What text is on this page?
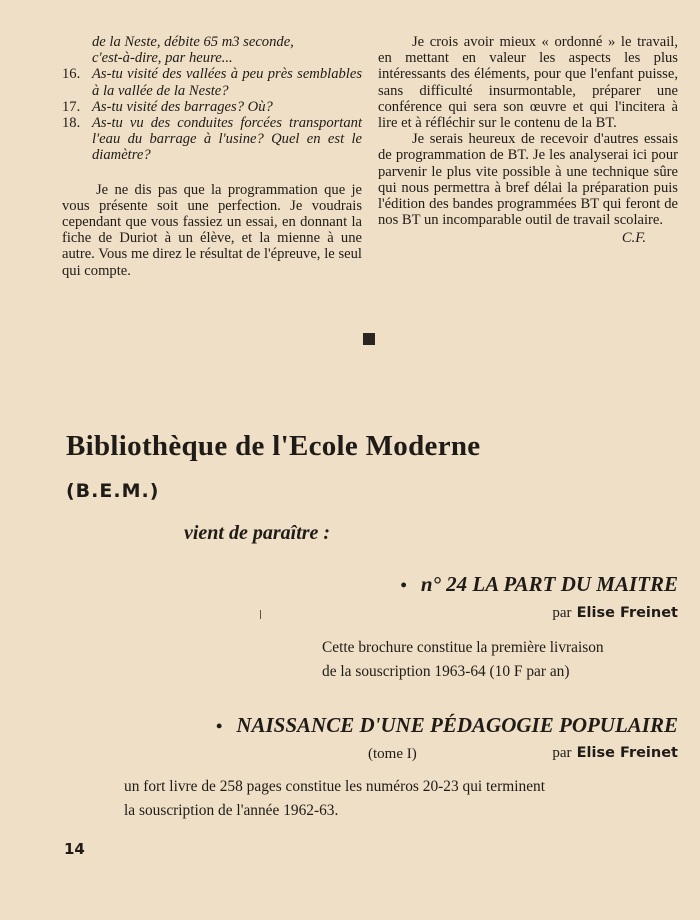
de la Neste, débite 65 m3 seconde,
c'est-à-dire, par heure...
16. As-tu visité des vallées à peu près semblables à la vallée de la Neste?
17. As-tu visité des barrages? Où?
18. As-tu vu des conduites forcées transportant l'eau du barrage à l'usine? Quel en est le diamètre?

Je ne dis pas que la programmation que je vous présente soit une perfection. Je voudrais cependant que vous fassiez un essai, en donnant la fiche de Duriot à un élève, et la mienne à une autre. Vous me direz le résultat de l'épreuve, le seul qui compte.

Je crois avoir mieux « ordonné » le travail, en mettant en valeur les aspects les plus intéressants des éléments, pour que l'enfant puisse, sans difficulté insurmontable, préparer une conférence qui sera son œuvre et qui l'incitera à lire et à réfléchir sur le contenu de la BT.

Je serais heureux de recevoir d'autres essais de programmation de BT. Je les analyserai ici pour parvenir le plus vite possible à une technique sûre qui nous permettra à bref délai la préparation puis l'édition des bandes programmées BT qui feront de nos BT un incomparable outil de travail scolaire.

C.F.
Bibliothèque de l'Ecole Moderne
(B.E.M.)
vient de paraître :
• n° 24 LA PART DU MAITRE
par Elise Freinet
Cette brochure constitue la première livraison
de la souscription 1963-64 (10 F par an)
• NAISSANCE D'UNE PÉDAGOGIE POPULAIRE
(tome I)	par Elise Freinet
un fort livre de 258 pages constitue les numéros 20-23 qui terminent
la souscription de l'année 1962-63.
14
